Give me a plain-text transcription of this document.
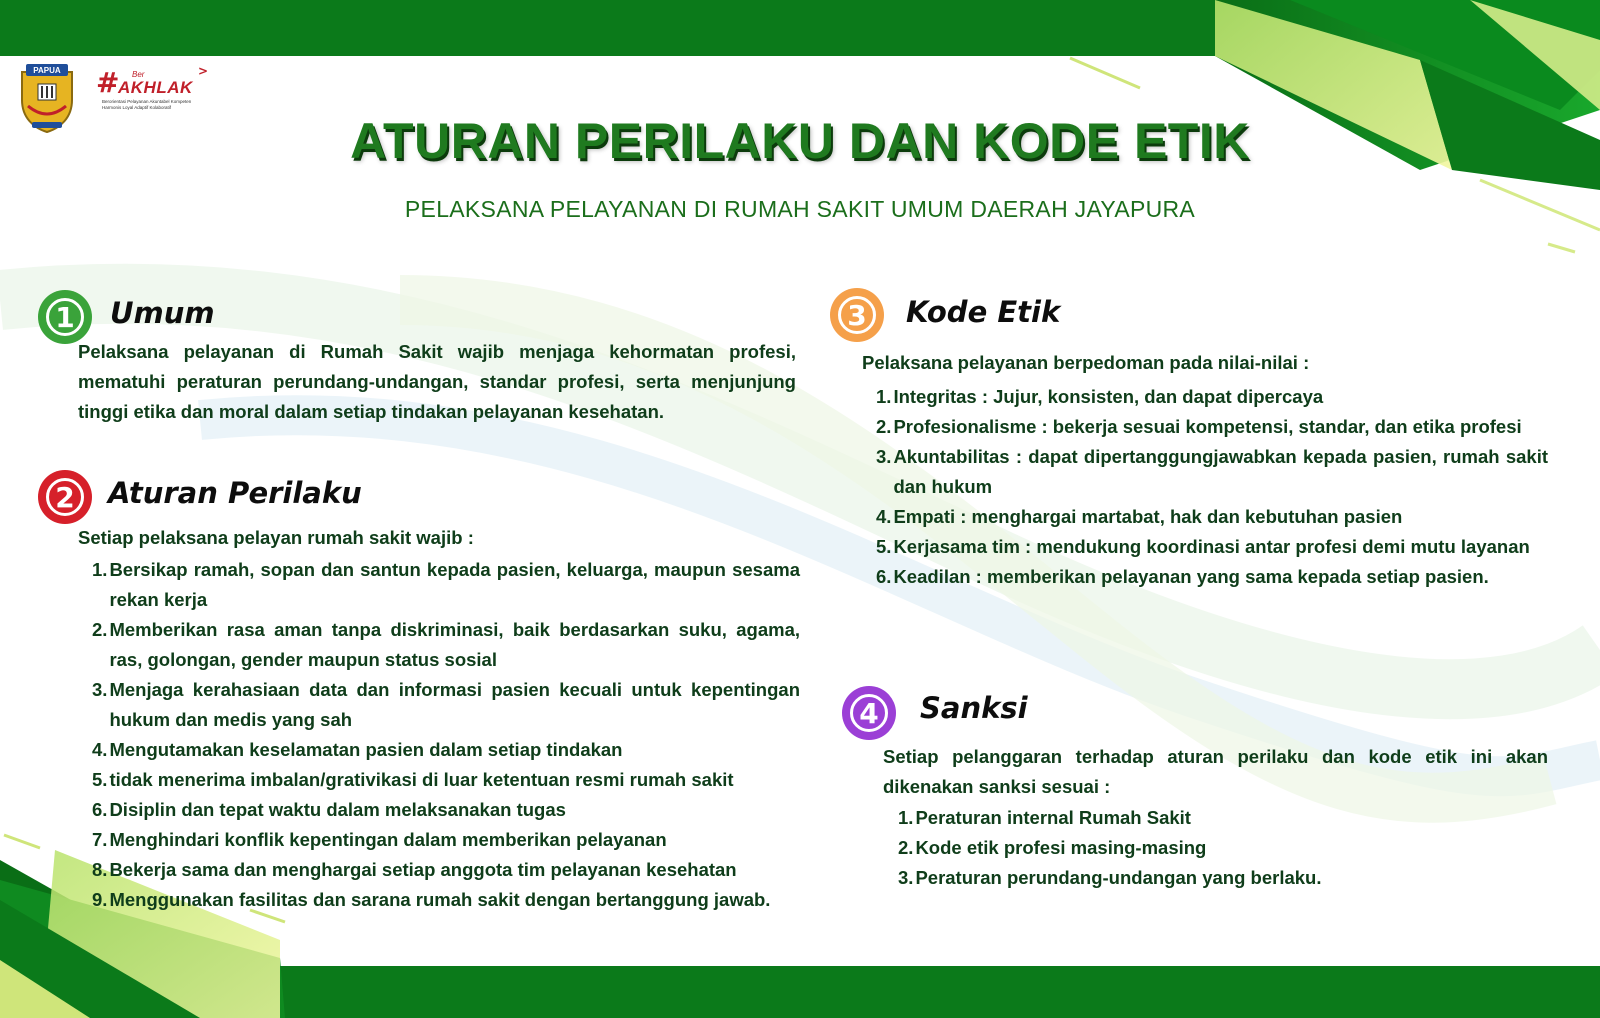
PAPUA # Ber
AKHLAK
>
Berorientasi Pelayanan Akuntabel Kompeten
Harmonis Loyal Adaptif Kolaboratif
ATURAN PERILAKU DAN KODE ETIK
PELAKSANA PELAYANAN DI RUMAH SAKIT UMUM DAERAH JAYAPURA
1	Umum

Pelaksana pelayanan di Rumah Sakit wajib menjaga kehormatan profesi, mematuhi peraturan perundang-undangan, standar profesi, serta menjunjung tinggi etika dan moral dalam setiap tindakan pelayanan kesehatan.

2	Aturan Perilaku
Setiap pelaksana pelayan rumah sakit wajib :
1. Bersikap ramah, sopan dan santun kepada pasien, keluarga, maupun sesama rekan kerja
2. Memberikan rasa aman tanpa diskriminasi, baik berdasarkan suku, agama, ras, golongan, gender maupun status sosial
3. Menjaga kerahasiaan data dan informasi pasien kecuali untuk kepentingan hukum dan medis yang sah
4. Mengutamakan keselamatan pasien dalam setiap tindakan
5. tidak menerima imbalan/grativikasi di luar ketentuan resmi rumah sakit
6. Disiplin dan tepat waktu dalam melaksanakan tugas
7. Menghindari konflik kepentingan dalam memberikan pelayanan
8. Bekerja sama dan menghargai setiap anggota tim pelayanan kesehatan
9. Menggunakan fasilitas dan sarana rumah sakit dengan bertanggung jawab.
3	Kode Etik
Pelaksana pelayanan berpedoman pada nilai-nilai :
1. Integritas : Jujur, konsisten, dan dapat dipercaya
2. Profesionalisme : bekerja sesuai kompetensi, standar, dan etika profesi
3. Akuntabilitas : dapat dipertanggungjawabkan kepada pasien, rumah sakit dan hukum
4. Empati : menghargai martabat, hak dan kebutuhan pasien
5. Kerjasama tim : mendukung koordinasi antar profesi demi mutu layanan
6. Keadilan : memberikan pelayanan yang sama kepada setiap pasien.
4	Sanksi

Setiap pelanggaran terhadap aturan perilaku dan kode etik ini akan dikenakan sanksi sesuai :

1. Peraturan internal Rumah Sakit
2. Kode etik profesi masing-masing
3. Peraturan perundang-undangan yang berlaku.
